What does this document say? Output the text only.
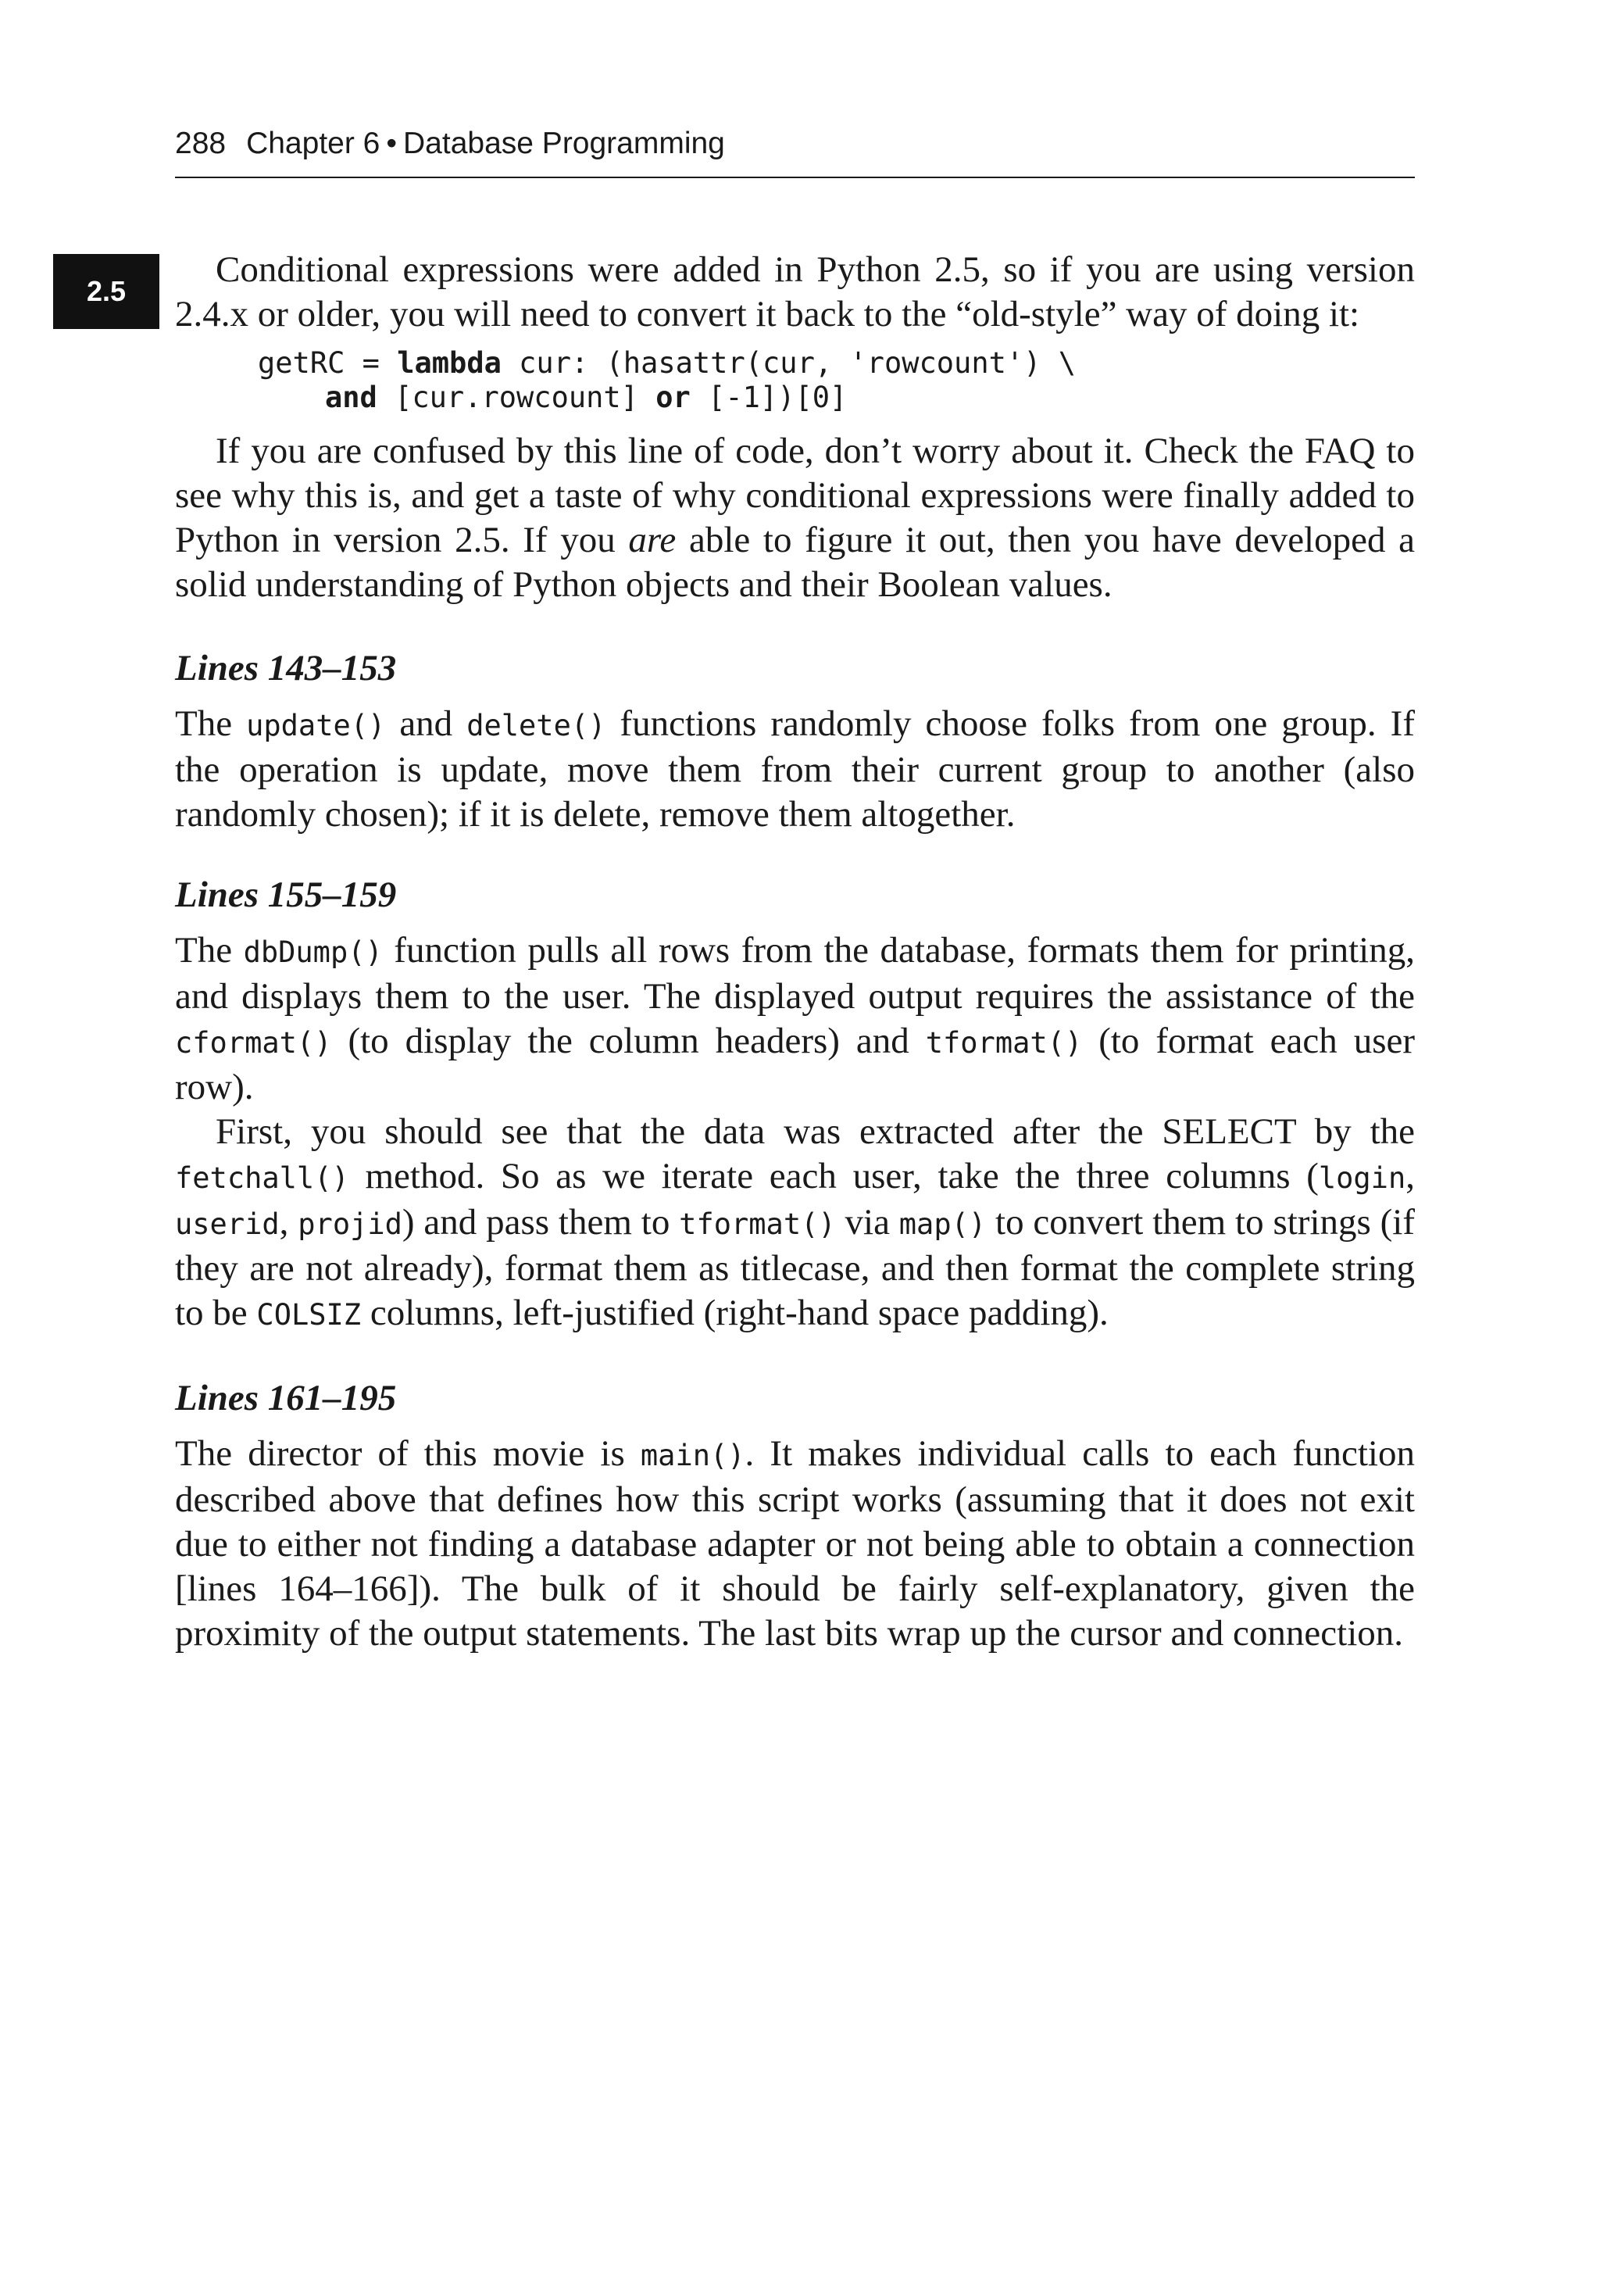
288 Chapter 6 • Database Programming
2.5

Conditional expressions were added in Python 2.5, so if you are using version 2.4.x or older, you will need to convert it back to the “old-style” way of doing it:

getRC = lambda cur: (hasattr(cur, 'rowcount') \
and [cur.rowcount] or [-1])[0]

If you are confused by this line of code, don’t worry about it. Check the FAQ to see why this is, and get a taste of why conditional expressions were finally added to Python in version 2.5. If you are able to figure it out, then you have developed a solid understanding of Python objects and their Boolean values.

Lines 143–153

The update() and delete() functions randomly choose folks from one group. If the operation is update, move them from their current group to another (also randomly chosen); if it is delete, remove them altogether.

Lines 155–159

The dbDump() function pulls all rows from the database, formats them for printing, and displays them to the user. The displayed output requires the assistance of the cformat() (to display the column headers) and tformat() (to format each user row).

First, you should see that the data was extracted after the SELECT by the fetchall() method. So as we iterate each user, take the three columns (login, userid, projid) and pass them to tformat() via map() to convert them to strings (if they are not already), format them as titlecase, and then format the complete string to be COLSIZ columns, left-justified (right-hand space padding).

Lines 161–195

The director of this movie is main(). It makes individual calls to each function described above that defines how this script works (assuming that it does not exit due to either not finding a database adapter or not being able to obtain a connection [lines 164–166]). The bulk of it should be fairly self-explanatory, given the proximity of the output statements. The last bits wrap up the cursor and connection.
